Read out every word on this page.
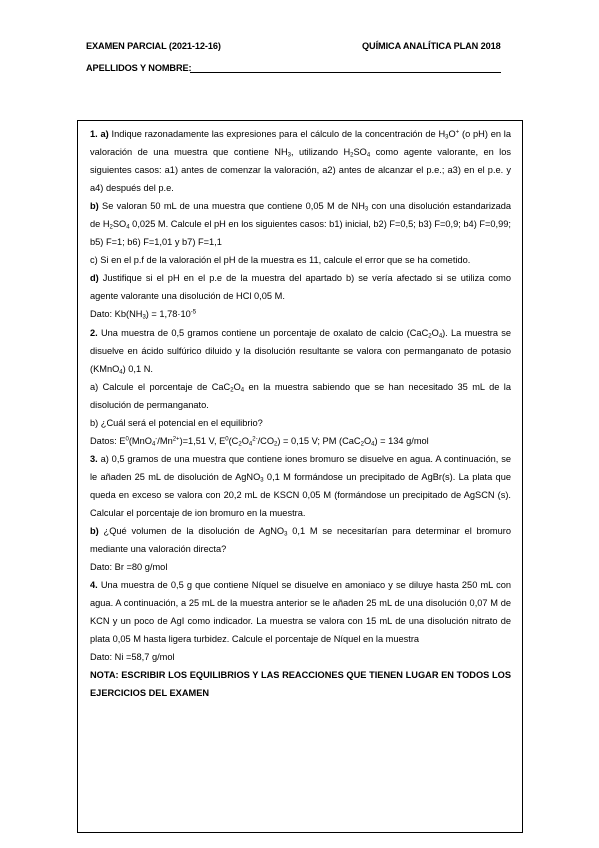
EXAMEN PARCIAL (2021-12-16)	QUÍMICA ANALÍTICA PLAN 2018
APELLIDOS Y NOMBRE:

1. a) Indique razonadamente las expresiones para el cálculo de la concentración de $H_3O^+$ (o pH) en la valoración de una muestra que contiene $NH_3$, utilizando $H_2SO_4$ como agente valorante, en los siguientes casos: a1) antes de comenzar la valoración, a2) antes de alcanzar el p.e.; a3) en el p.e. y a4) después del p.e.

b) Se valoran 50 mL de una muestra que contiene 0,05 M de $NH_3$ con una disolución estandarizada de $H_2SO_4$ 0,025 M. Calcule el pH en los siguientes casos: b1) inicial, b2) F=0,5; b3) F=0,9; b4) F=0,99; b5) F=1; b6) F=1,01 y b7) F=1,1

c) Si en el p.f de la valoración el pH de la muestra es 11, calcule el error que se ha cometido.

d) Justifique si el pH en el p.e de la muestra del apartado b) se vería afectado si se utiliza como agente valorante una disolución de HCl 0,05 M.

Dato: $Kb(NH_3) = 1,78\cdot 10^{-5}$

2. Una muestra de 0,5 gramos contiene un porcentaje de oxalato de calcio $(CaC_2O_4)$. La muestra se disuelve en ácido sulfúrico diluido y la disolución resultante se valora con permanganato de potasio (KMnO$_4$) 0,1 N.

a) Calcule el porcentaje de $CaC_2O_4$ en la muestra sabiendo que se han necesitado 35 mL de la disolución de permanganato.

b) ¿Cuál será el potencial en el equilibrio?

Datos: $E^0(MnO_4^-/Mn^{2+})=1,51$ V, $E^0(C_2O_4^{2-}/CO_2) = 0,15$ V; PM $(CaC_2O_4) = 134$ g/mol

3. a) 0,5 gramos de una muestra que contiene iones bromuro se disuelve en agua. A continuación, se le añaden 25 mL de disolución de AgNO$_3$ 0,1 M formándose un precipitado de AgBr(s). La plata que queda en exceso se valora con 20,2 mL de KSCN 0,05 M (formándose un precipitado de AgSCN (s). Calcular el porcentaje de ion bromuro en la muestra.

b) ¿Qué volumen de la disolución de AgNO$_3$ 0,1 M se necesitarían para determinar el bromuro mediante una valoración directa?

Dato: Br =80 g/mol

4. Una muestra de 0,5 g que contiene Níquel se disuelve en amoniaco y se diluye hasta 250 mL con agua. A continuación, a 25 mL de la muestra anterior se le añaden 25 mL de una disolución 0,07 M de KCN y un poco de AgI como indicador. La muestra se valora con 15 mL de una disolución nitrato de plata 0,05 M hasta ligera turbidez. Calcule el porcentaje de Níquel en la muestra

Dato: Ni =58,7 g/mol

NOTA: ESCRIBIR LOS EQUILIBRIOS Y LAS REACCIONES QUE TIENEN LUGAR EN TODOS LOS EJERCICIOS DEL EXAMEN
